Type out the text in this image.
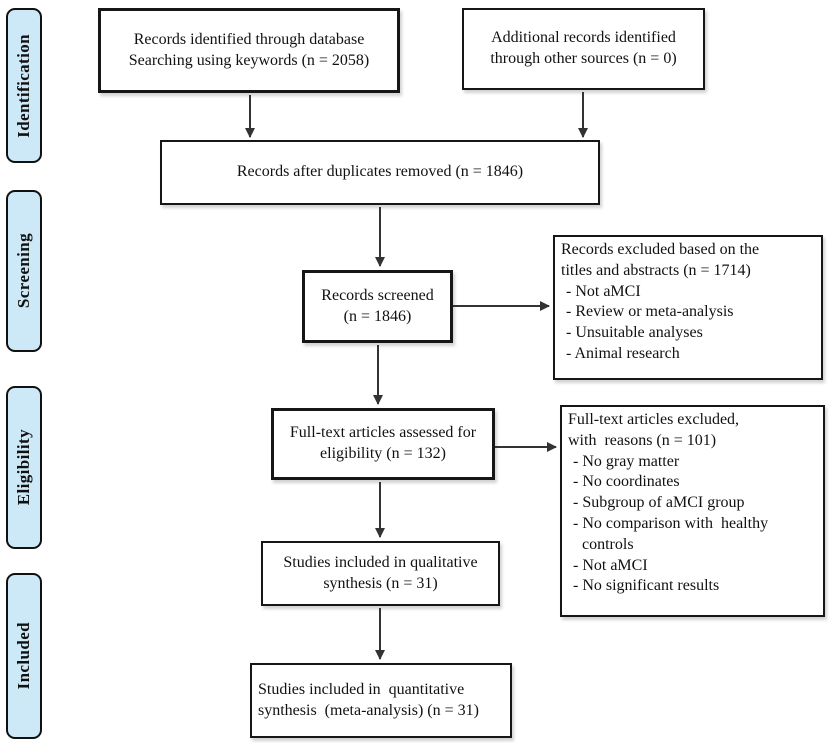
Identification
Screening
Eligibility
Included
Records identified through database
Searching using keywords (n = 2058)
Additional records identified
through other sources (n = 0)
Records after duplicates removed (n = 1846)
Records screened
(n = 1846)
Records excluded based on the
titles and abstracts (n = 1714)
- Not aMCI
- Review or meta-analysis
- Unsuitable analyses
- Animal research
Full-text articles assessed for
eligibility (n = 132)
Full-text articles excluded,
with  reasons (n = 101)
- No gray matter
- No coordinates
- Subgroup of aMCI group
- No comparison with  healthy controls
- Not aMCI
- No significant results
Studies included in qualitative
synthesis (n = 31)
Studies included in  quantitative
synthesis  (meta-analysis) (n = 31)
